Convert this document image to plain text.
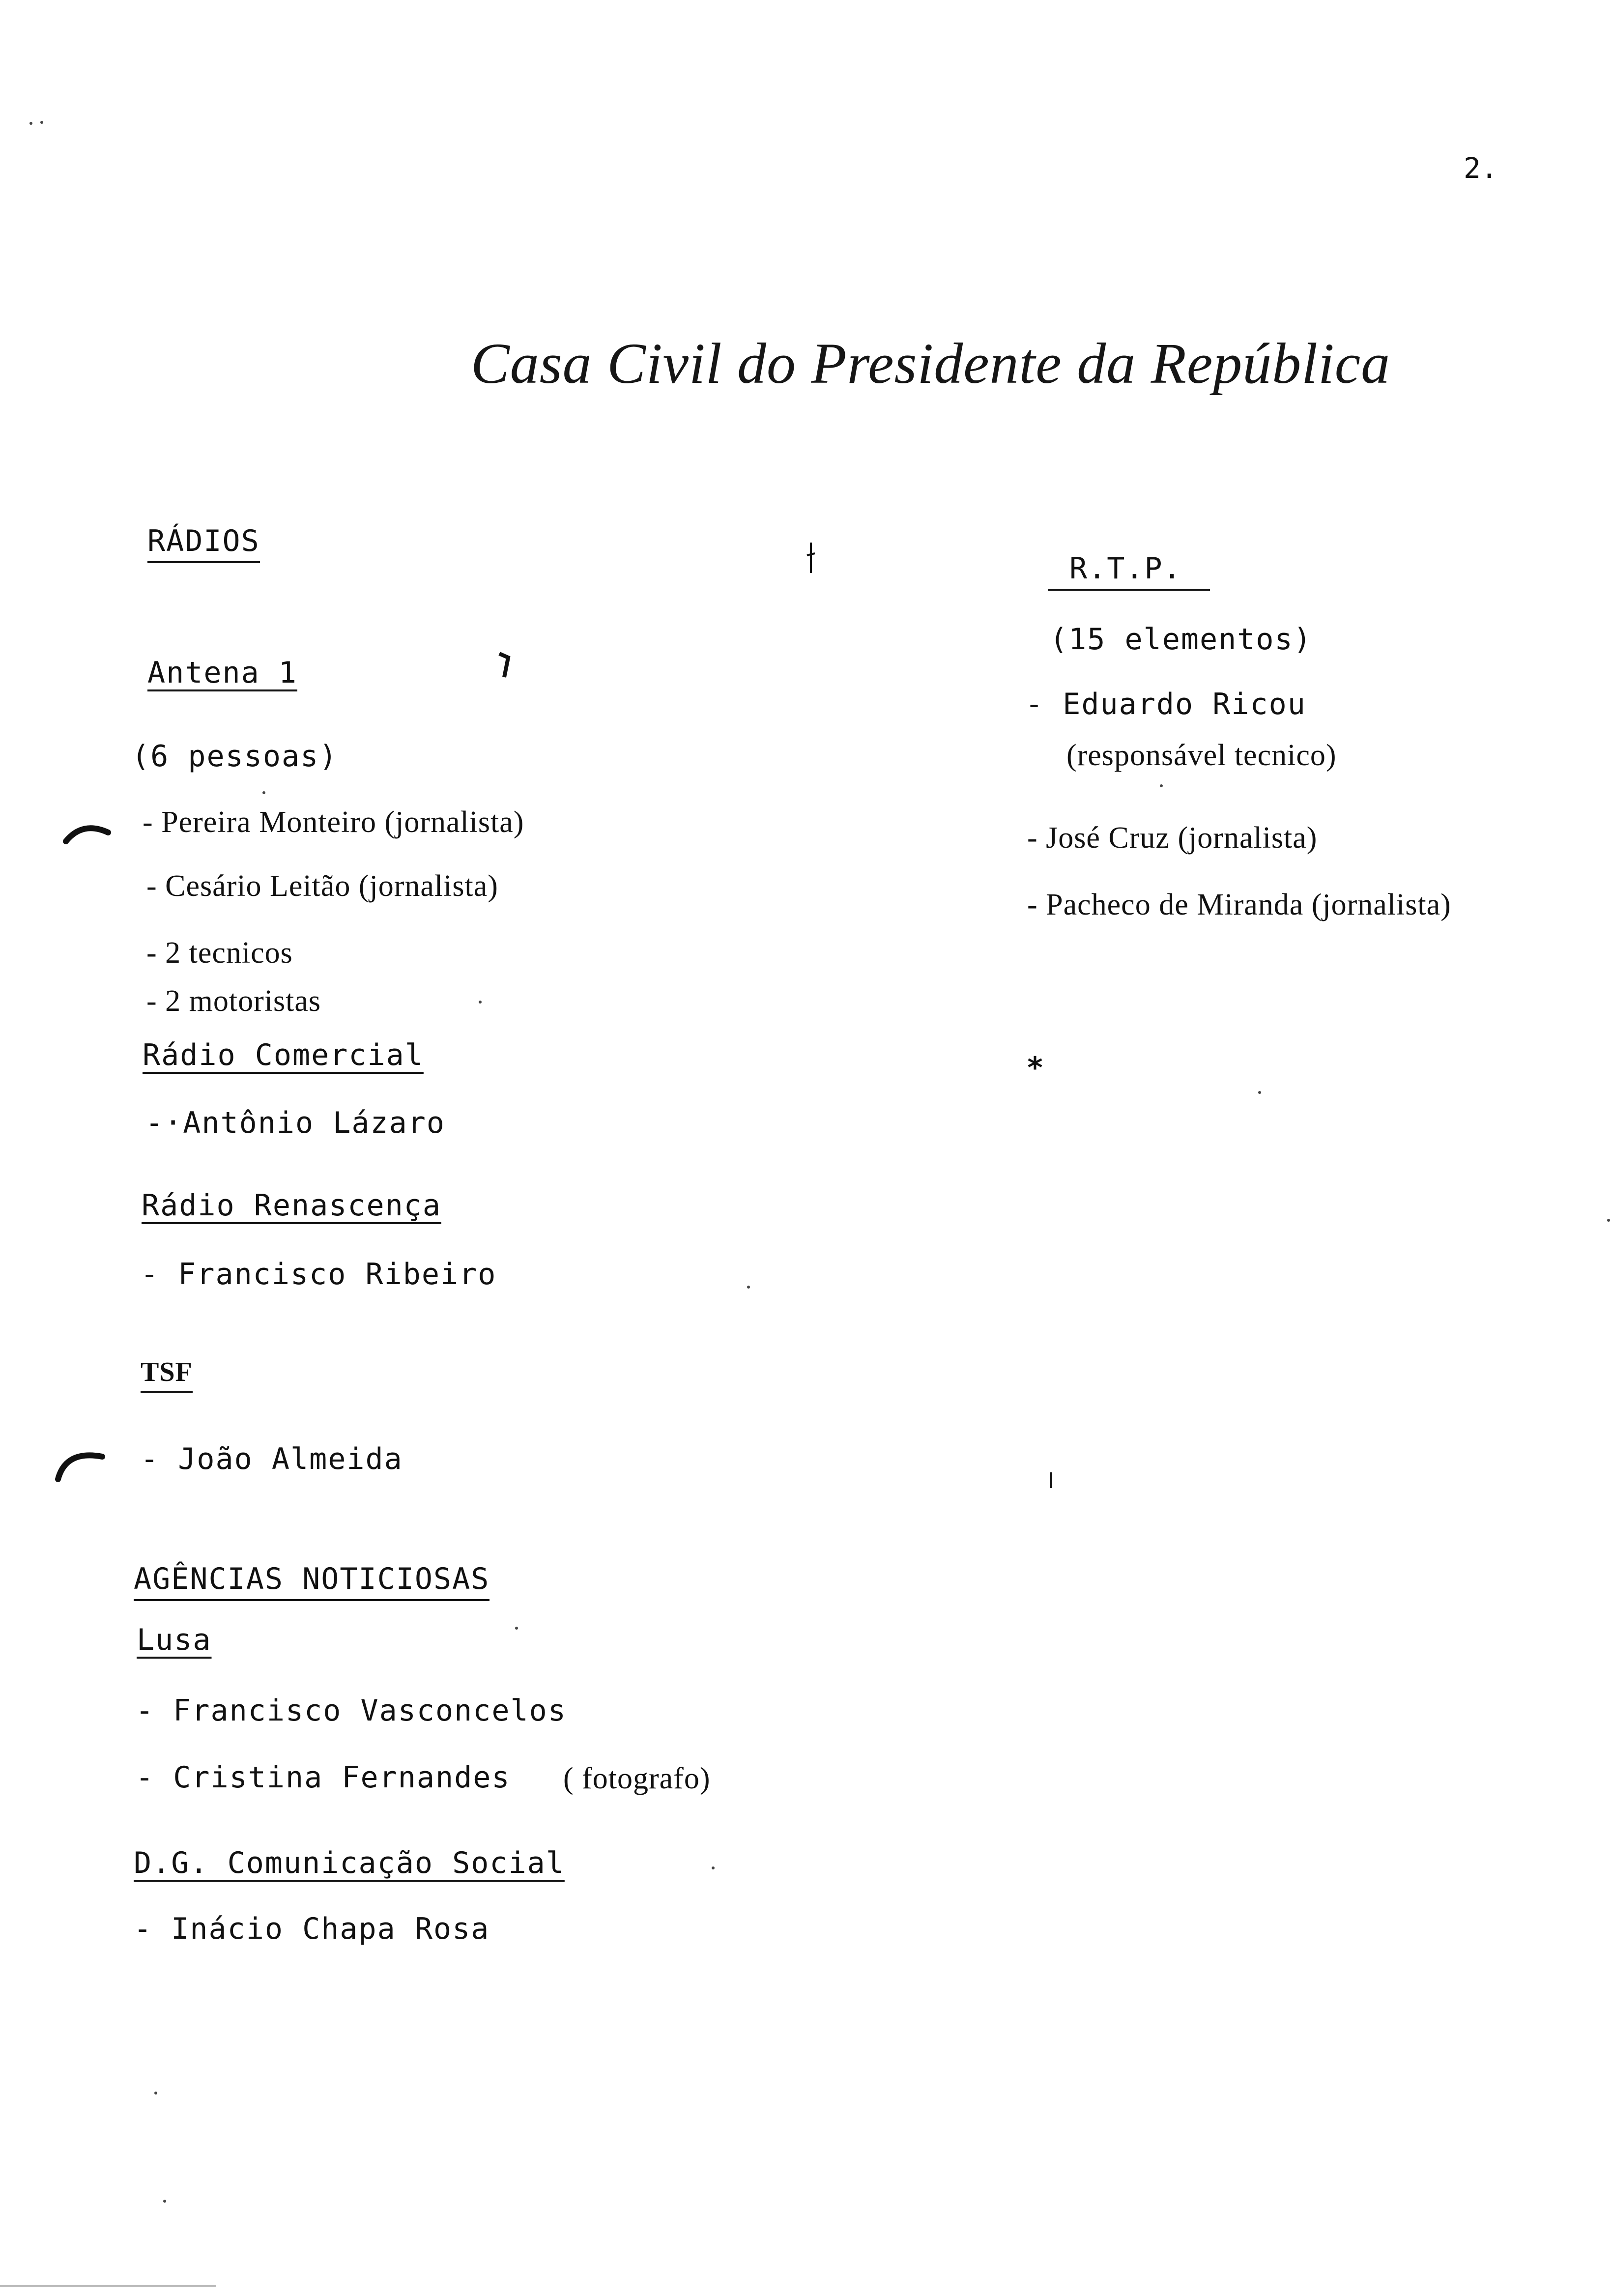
2.
Casa Civil do Presidente da República
RÁDIOS
Antena 1
(6 pessoas)
- Pereira Monteiro (jornalista)
- Cesário Leitão (jornalista)
- 2 tecnicos
- 2 motoristas
Rádio Comercial
-·Antônio Lázaro
Rádio Renascença
- Francisco Ribeiro
TSF
- João Almeida
AGÊNCIAS NOTICIOSAS
Lusa
- Francisco Vasconcelos
- Cristina Fernandes ( fotografo)
D.G. Comunicação Social
- Inácio Chapa Rosa
R.T.P.
(15 elementos)
- Eduardo Ricou
(responsável tecnico)
- José Cruz (jornalista)
- Pacheco de Miranda (jornalista)
*
